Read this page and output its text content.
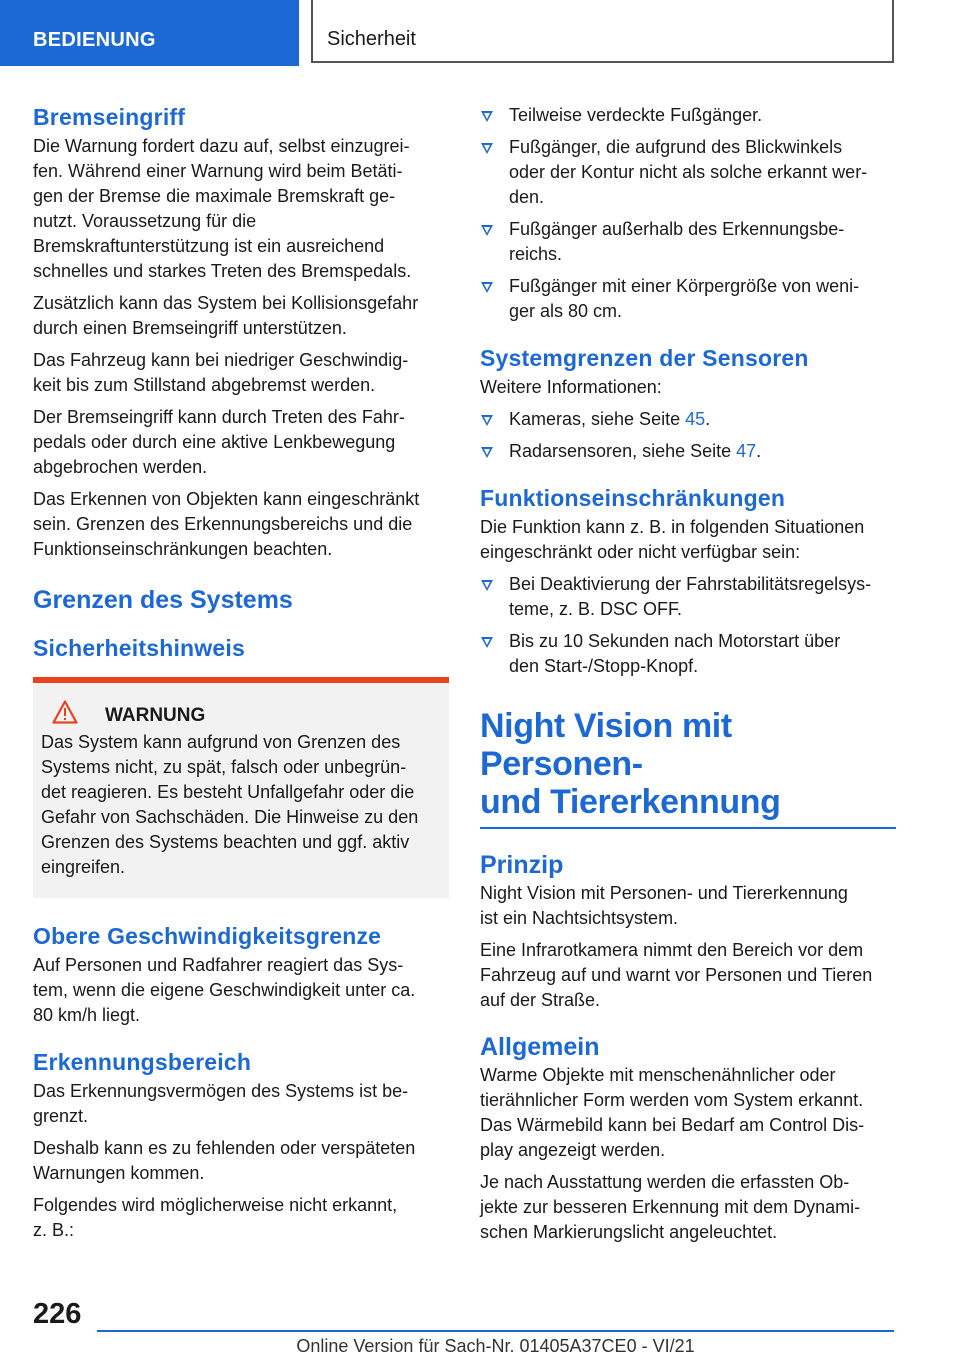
BEDIENUNG	Sicherheit
Bremseingriff

Die Warnung fordert dazu auf, selbst einzugrei-
fen. Während einer Warnung wird beim Betäti-
gen der Bremse die maximale Bremskraft ge-
nutzt. Voraussetzung für die
Bremskraftunterstützung ist ein ausreichend
schnelles und starkes Treten des Bremspedals.

Zusätzlich kann das System bei Kollisionsgefahr
durch einen Bremseingriff unterstützen.

Das Fahrzeug kann bei niedriger Geschwindig-
keit bis zum Stillstand abgebremst werden.

Der Bremseingriff kann durch Treten des Fahr-
pedals oder durch eine aktive Lenkbewegung
abgebrochen werden.

Das Erkennen von Objekten kann eingeschränkt
sein. Grenzen des Erkennungsbereichs und die
Funktionseinschränkungen beachten.

Grenzen des Systems
Sicherheitshinweis
WARNUNG

Das System kann aufgrund von Grenzen des
Systems nicht, zu spät, falsch oder unbegrün-
det reagieren. Es besteht Unfallgefahr oder die
Gefahr von Sachschäden. Die Hinweise zu den
Grenzen des Systems beachten und ggf. aktiv
eingreifen.

Obere Geschwindigkeitsgrenze

Auf Personen und Radfahrer reagiert das Sys-
tem, wenn die eigene Geschwindigkeit unter ca.
80 km/h liegt.

Erkennungsbereich

Das Erkennungsvermögen des Systems ist be-
grenzt.

Deshalb kann es zu fehlenden oder verspäteten
Warnungen kommen.

Folgendes wird möglicherweise nicht erkannt,
z. B.:

Teilweise verdeckte Fußgänger.
Fußgänger, die aufgrund des Blickwinkels
oder der Kontur nicht als solche erkannt wer-
den.
Fußgänger außerhalb des Erkennungsbe-
reichs.
Fußgänger mit einer Körpergröße von weni-
ger als 80 cm.
Systemgrenzen der Sensoren

Weitere Informationen:

Kameras, siehe Seite 45.
Radarsensoren, siehe Seite 47.
Funktionseinschränkungen

Die Funktion kann z. B. in folgenden Situationen
eingeschränkt oder nicht verfügbar sein:

Bei Deaktivierung der Fahrstabilitätsregelsys-
teme, z. B. DSC OFF.
Bis zu 10 Sekunden nach Motorstart über
den Start-/Stopp-Knopf.
Night Vision mit Personen-
und Tiererkennung
Prinzip

Night Vision mit Personen- und Tiererkennung
ist ein Nachtsichtsystem.

Eine Infrarotkamera nimmt den Bereich vor dem
Fahrzeug auf und warnt vor Personen und Tieren
auf der Straße.

Allgemein

Warme Objekte mit menschenähnlicher oder
tierähnlicher Form werden vom System erkannt.
Das Wärmebild kann bei Bedarf am Control Dis-
play angezeigt werden.

Je nach Ausstattung werden die erfassten Ob-
jekte zur besseren Erkennung mit dem Dynami-
schen Markierungslicht angeleuchtet.

226
Online Version für Sach-Nr. 01405A37CE0 - VI/21
